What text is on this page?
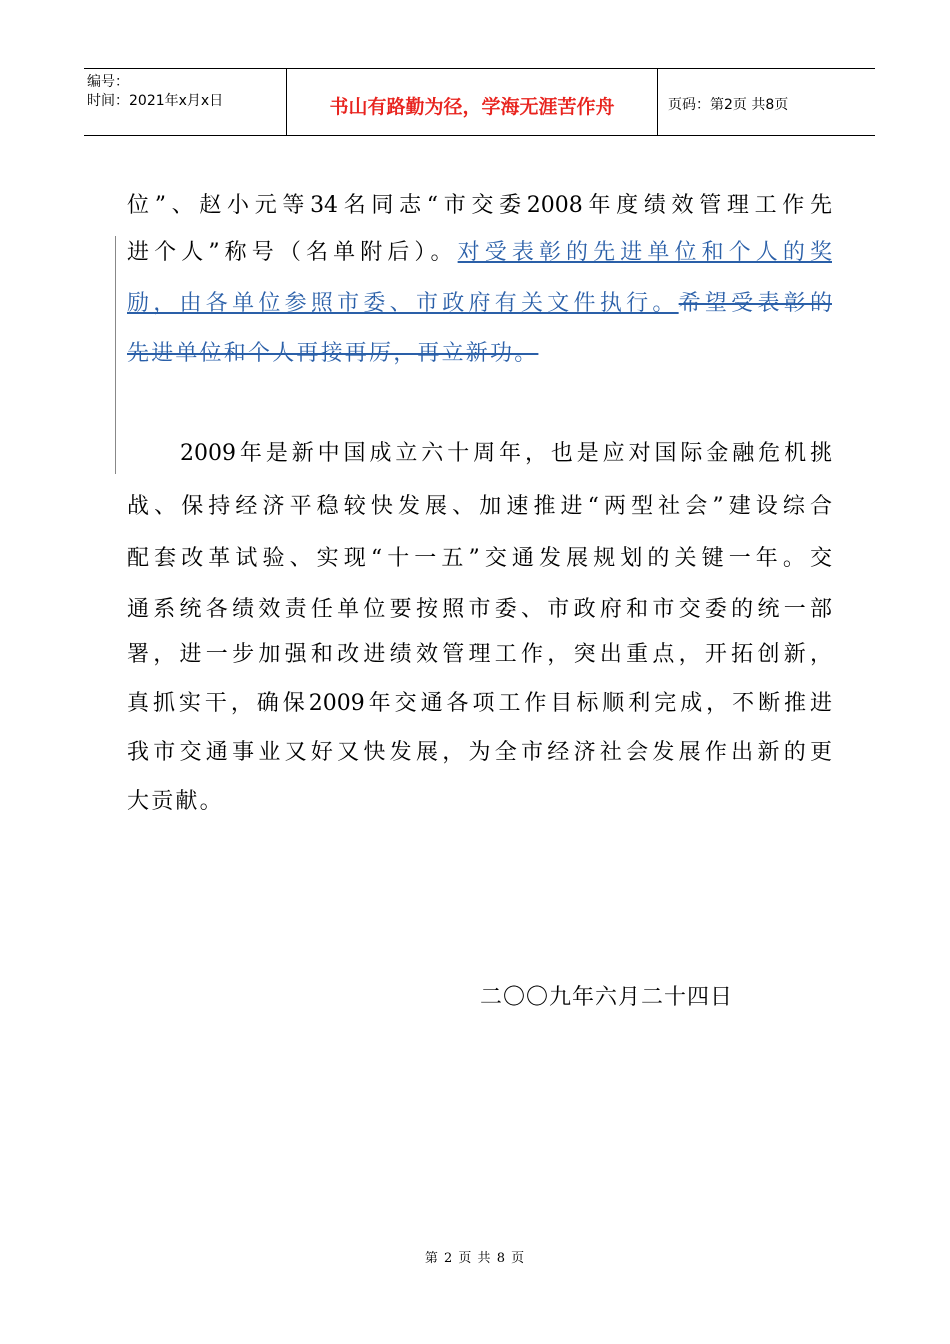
编号：
时间：2021年x月x日	书山有路勤为径，学海无涯苦作舟	页码：第2页 共8页
位”、赵小元等34名同志“市交委2008年度绩效管理工作先
进个人”称号（名单附后）。对受表彰的先进单位和个人的奖
励，由各单位参照市委、市政府有关文件执行。希望受表彰的
先进单位和个人再接再厉，再立新功。
2009年是新中国成立六十周年，也是应对国际金融危机挑
战、保持经济平稳较快发展、加速推进“两型社会”建设综合
配套改革试验、实现“十一五”交通发展规划的关键一年。交
通系统各绩效责任单位要按照市委、市政府和市交委的统一部
署，进一步加强和改进绩效管理工作，突出重点，开拓创新，
真抓实干，确保2009年交通各项工作目标顺利完成，不断推进
我市交通事业又好又快发展，为全市经济社会发展作出新的更
大贡献。
二〇〇九年六月二十四日
第 2 页 共 8 页
